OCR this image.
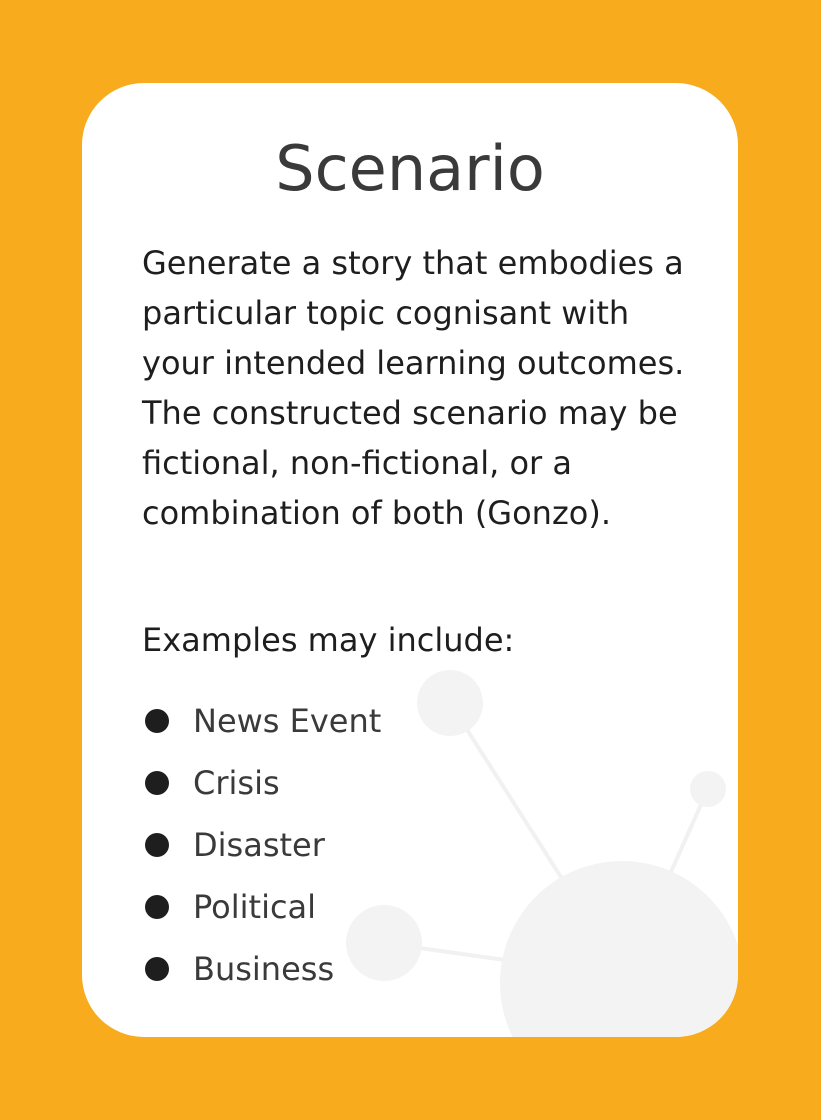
Scenario

Generate a story that embodies a
particular topic cognisant with
your intended learning outcomes.
The constructed scenario may be
fictional, non-fictional, or a
combination of both (Gonzo).

Examples may include:

News Event
Crisis
Disaster
Political
Business
